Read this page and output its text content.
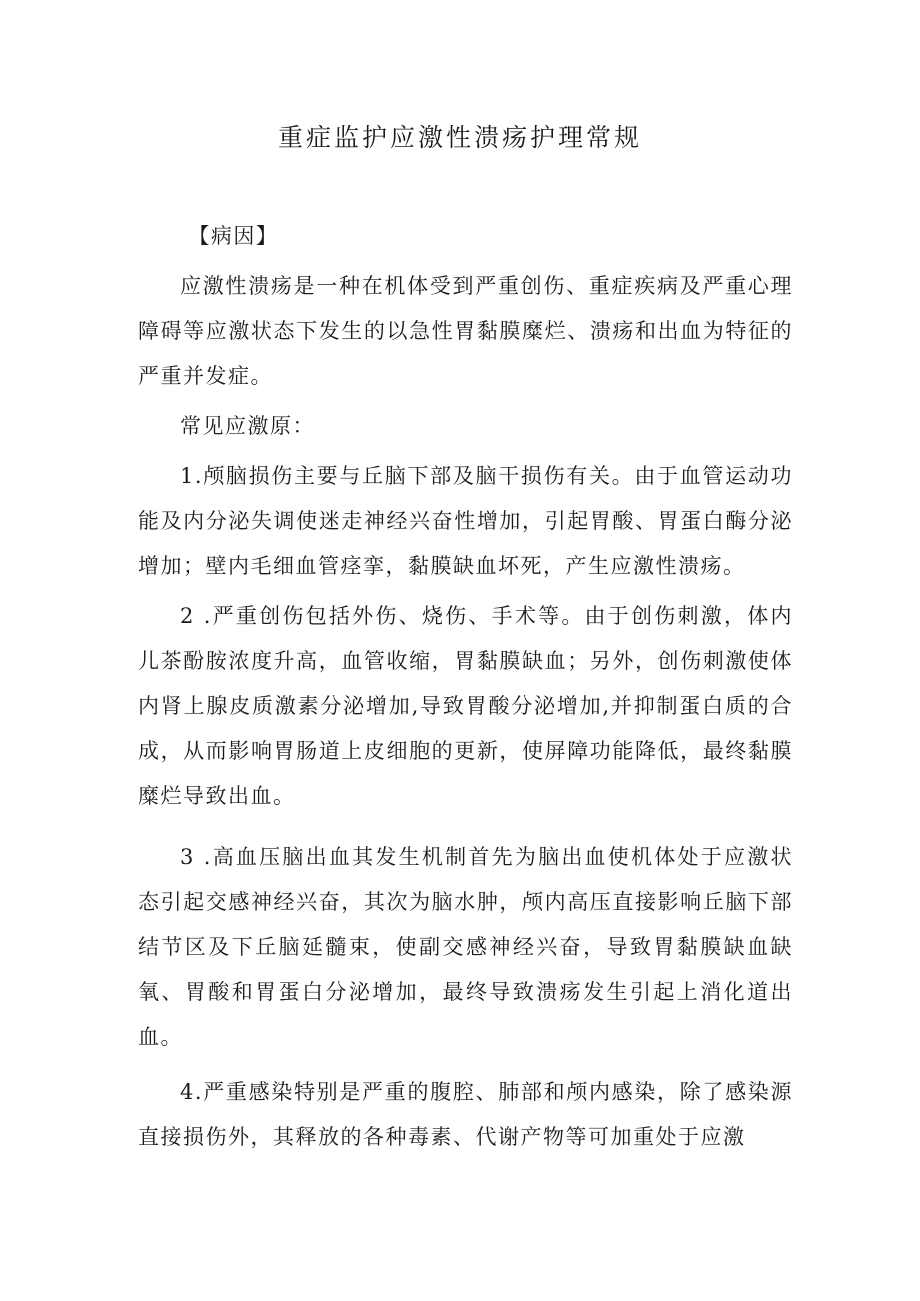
重症监护应激性溃疡护理常规

【病因】

应激性溃疡是一种在机体受到严重创伤、重症疾病及严重心理障碍等应激状态下发生的以急性胃黏膜糜烂、溃疡和出血为特征的严重并发症。

常见应激原：

1.颅脑损伤主要与丘脑下部及脑干损伤有关。由于血管运动功能及内分泌失调使迷走神经兴奋性增加，引起胃酸、胃蛋白酶分泌增加；壁内毛细血管痉挛，黏膜缺血坏死，产生应激性溃疡。

2 .严重创伤包括外伤、烧伤、手术等。由于创伤刺激，体内儿茶酚胺浓度升高，血管收缩，胃黏膜缺血；另外，创伤刺激使体内肾上腺皮质激素分泌增加,导致胃酸分泌增加,并抑制蛋白质的合成，从而影响胃肠道上皮细胞的更新，使屏障功能降低，最终黏膜糜烂导致出血。

3 .高血压脑出血其发生机制首先为脑出血使机体处于应激状态引起交感神经兴奋，其次为脑水肿，颅内高压直接影响丘脑下部结节区及下丘脑延髓束，使副交感神经兴奋，导致胃黏膜缺血缺氧、胃酸和胃蛋白分泌增加，最终导致溃疡发生引起上消化道出血。

4.严重感染特别是严重的腹腔、肺部和颅内感染，除了感染源直接损伤外，其释放的各种毒素、代谢产物等可加重处于应激
